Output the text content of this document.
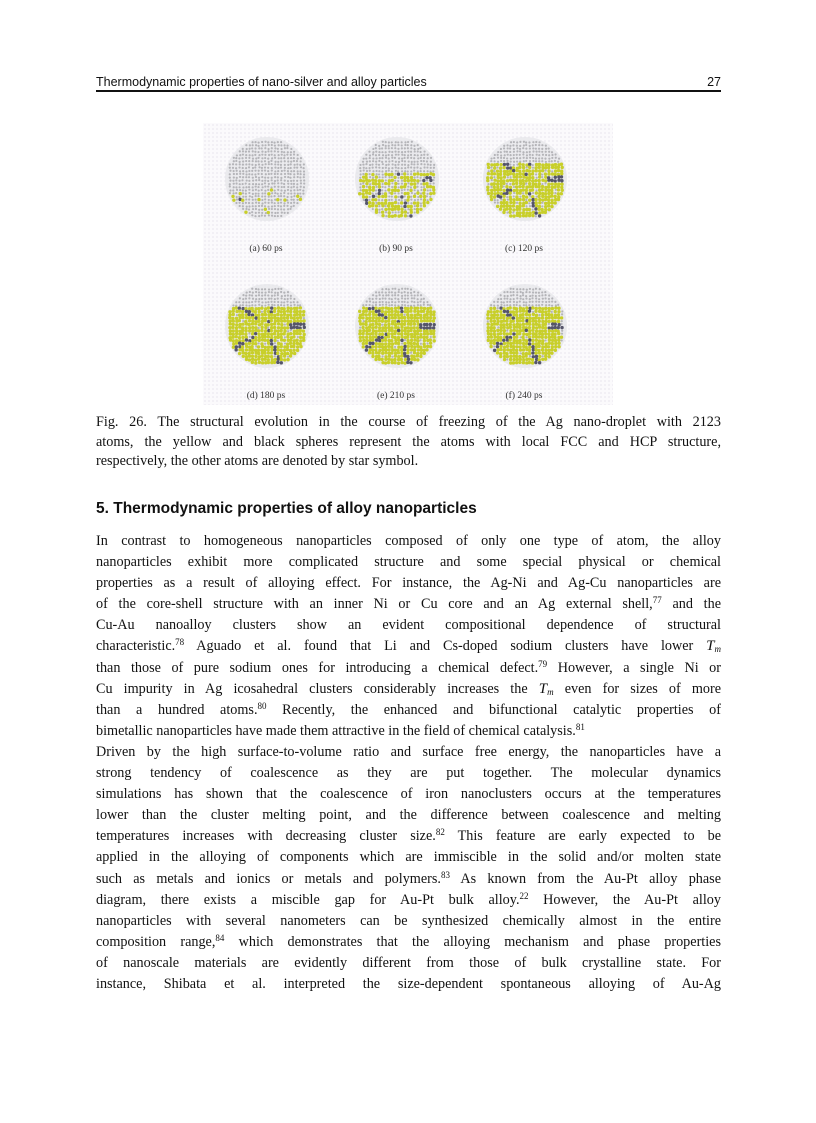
Thermodynamic properties of nano-silver and alloy particles	27
(a) 60 ps	(b) 90 ps	(c) 120 ps
(d) 180 ps	(e) 210 ps	(f) 240 ps
Fig. 26. The structural evolution in the course of freezing of the Ag nano-droplet with 2123
atoms, the yellow and black spheres represent the atoms with local FCC and HCP structure,
respectively, the other atoms are denoted by star symbol.
5. Thermodynamic properties of alloy nanoparticles
In contrast to homogeneous nanoparticles composed of only one type of atom, the alloy
nanoparticles exhibit more complicated structure and some special physical or chemical
properties as a result of alloying effect. For instance, the Ag-Ni and Ag-Cu nanoparticles are
of the core-shell structure with an inner Ni or Cu core and an Ag external shell,$^{77}$ and the
Cu-Au nanoalloy clusters show an evident compositional dependence of structural
characteristic.$^{78}$ Aguado et al. found that Li and Cs-doped sodium clusters have lower $T_m$
than those of pure sodium ones for introducing a chemical defect.$^{79}$ However, a single Ni or
Cu impurity in Ag icosahedral clusters considerably increases the $T_m$ even for sizes of more
than a hundred atoms.$^{80}$ Recently, the enhanced and bifunctional catalytic properties of
bimetallic nanoparticles have made them attractive in the field of chemical catalysis.$^{81}$
Driven by the high surface-to-volume ratio and surface free energy, the nanoparticles have a
strong tendency of coalescence as they are put together. The molecular dynamics
simulations has shown that the coalescence of iron nanoclusters occurs at the temperatures
lower than the cluster melting point, and the difference between coalescence and melting
temperatures increases with decreasing cluster size.$^{82}$ This feature are early expected to be
applied in the alloying of components which are immiscible in the solid and/or molten state
such as metals and ionics or metals and polymers.$^{83}$ As known from the Au-Pt alloy phase
diagram, there exists a miscible gap for Au-Pt bulk alloy.$^{22}$ However, the Au-Pt alloy
nanoparticles with several nanometers can be synthesized chemically almost in the entire
composition range,$^{84}$ which demonstrates that the alloying mechanism and phase properties
of nanoscale materials are evidently different from those of bulk crystalline state. For
instance, Shibata et al. interpreted the size-dependent spontaneous alloying of Au-Ag
